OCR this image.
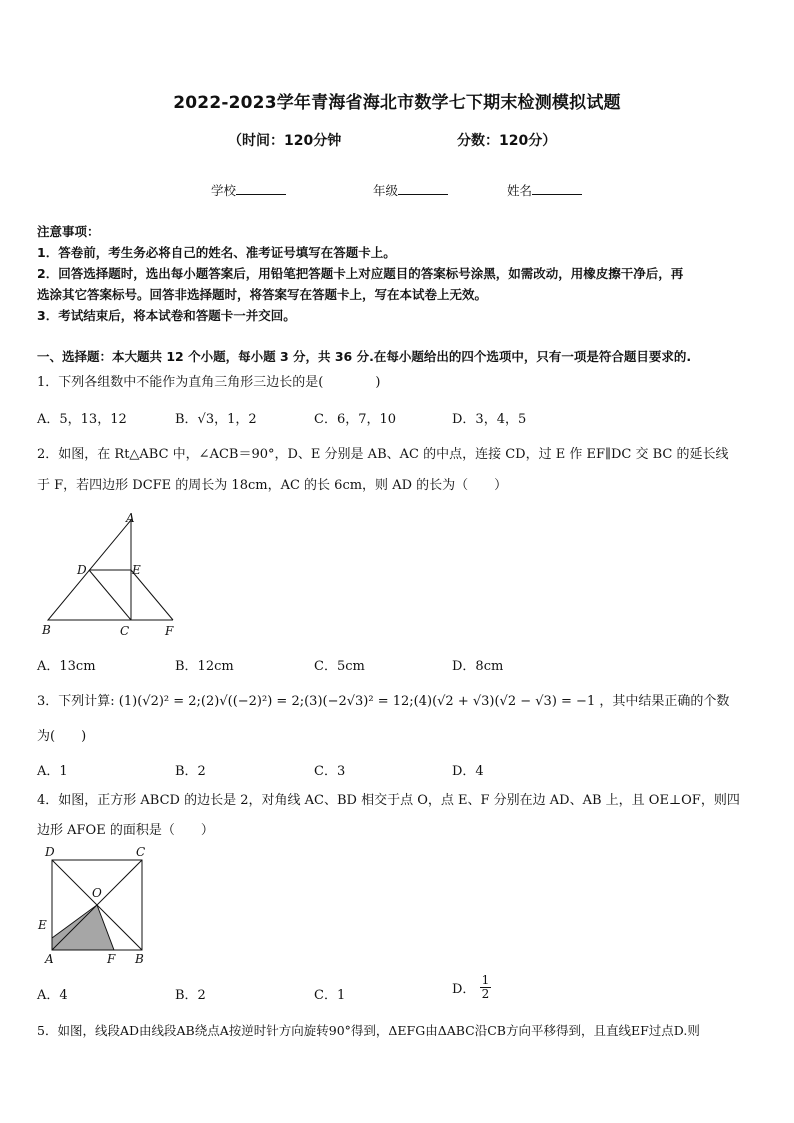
2022-2023学年青海省海北市数学七下期末检测模拟试题
（时间：120分钟	分数：120分）
学校	年级	姓名
注意事项：
1．答卷前，考生务必将自己的姓名、准考证号填写在答题卡上。
2．回答选择题时，选出每小题答案后，用铅笔把答题卡上对应题目的答案标号涂黑，如需改动，用橡皮擦干净后，再
选涂其它答案标号。回答非选择题时，将答案写在答题卡上，写在本试卷上无效。
3．考试结束后，将本试卷和答题卡一并交回。
一、选择题：本大题共 12 个小题，每小题 3 分，共 36 分.在每小题给出的四个选项中，只有一项是符合题目要求的.
1．下列各组数中不能作为直角三角形三边长的是(　　　　)
A．5，13，12	B．√3，1，2	C．6，7，10	D．3，4，5
2．如图，在 Rt△ABC 中，∠ACB＝90°，D、E 分别是 AB、AC 的中点，连接 CD，过 E 作 EF∥DC 交 BC 的延长线
于 F，若四边形 DCFE 的周长为 18cm，AC 的长 6cm，则 AD 的长为（　　）
A
D	E
B	C	F
A．13cm	B．12cm	C．5cm	D．8cm
3．下列计算: (1)(√2)² = 2;(2)√((−2)²) = 2;(3)(−2√3)² = 12;(4)(√2 + √3)(√2 − √3) = −1 ，其中结果正确的个数
为(　　)
A．1	B．2	C．3	D．4
4．如图，正方形 ABCD 的边长是 2，对角线 AC、BD 相交于点 O，点 E、F 分别在边 AD、AB 上，且 OE⊥OF，则四
边形 AFOE 的面积是（　　）
D	C
O
E
A	F B
A．4	B．2	C．1	D． $\frac{1}{2}$
5．如图，线段AD由线段AB绕点A按逆时针方向旋转90°得到，ΔEFG由ΔABC沿CB方向平移得到，且直线EF过点D.则
